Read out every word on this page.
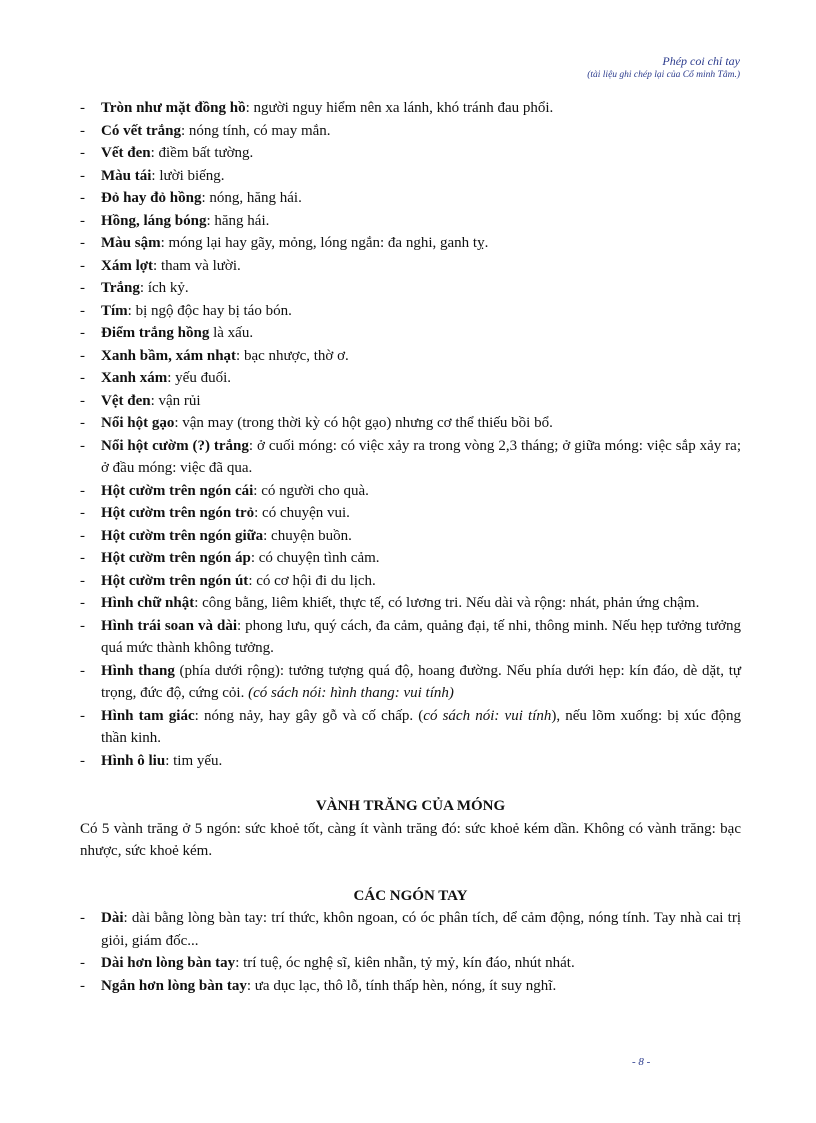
Phép coi chỉ tay
(tài liệu ghi chép lại của Cổ minh Tâm.)
- Tròn như mặt đồng hồ: người nguy hiểm nên xa lánh, khó tránh đau phổi.
- Có vết trắng: nóng tính, có may mắn.
- Vết đen: điềm bất tường.
- Màu tái: lười biếng.
- Đỏ hay đỏ hồng: nóng, hăng hái.
- Hồng, láng bóng: hăng hái.
- Màu sậm: móng lại hay gãy, mỏng, lóng ngắn: đa nghi, ganh tỵ.
- Xám lợt: tham và lười.
- Trắng: ích kỷ.
- Tím: bị ngộ độc hay bị táo bón.
- Điểm trắng hồng là xấu.
- Xanh bầm, xám nhạt: bạc nhược, thờ ơ.
- Xanh xám: yếu đuối.
- Vệt đen: vận rủi
- Nổi hột gạo: vận may (trong thời kỳ có hột gạo) nhưng cơ thể thiếu bồi bổ.
- Nổi hột cườm (?) trắng: ở cuối móng: có việc xảy ra trong vòng 2,3 tháng; ở giữa móng: việc sắp xảy ra; ở đầu móng: việc đã qua.
- Hột cườm trên ngón cái: có người cho quà.
- Hột cườm trên ngón trỏ: có chuyện vui.
- Hột cườm trên ngón giữa: chuyện buồn.
- Hột cườm trên ngón áp: có chuyện tình cảm.
- Hột cườm trên ngón út: có cơ hội đi du lịch.
- Hình chữ nhật: công bằng, liêm khiết, thực tế, có lương tri. Nếu dài và rộng: nhát, phản ứng chậm.
- Hình trái soan và dài: phong lưu, quý cách, đa cảm, quảng đại, tế nhi, thông minh. Nếu hẹp tưởng tưởng quá mức thành không tưởng.
- Hình thang (phía dưới rộng): tưởng tượng quá độ, hoang đường. Nếu phía dưới hẹp: kín đáo, dè dặt, tự trọng, đức độ, cứng cỏi. (có sách nói: hình thang: vui tính)
- Hình tam giác: nóng nảy, hay gây gỗ và cố chấp. (có sách nói: vui tính), nếu lõm xuống: bị xúc động thần kinh.
- Hình ô liu: tim yếu.
VÀNH TRĂNG CỦA MÓNG

Có 5 vành trăng ở 5 ngón: sức khoẻ tốt, càng ít vành trăng đó: sức khoẻ kém dần. Không có vành trăng: bạc nhược, sức khoẻ kém.

CÁC NGÓN TAY
- Dài: dài bằng lòng bàn tay: trí thức, khôn ngoan, có óc phân tích, dể cảm động, nóng tính. Tay nhà cai trị giỏi, giám đốc...
- Dài hơn lòng bàn tay: trí tuệ, óc nghệ sĩ, kiên nhẫn, tỷ mỷ, kín đáo, nhút nhát.
- Ngắn hơn lòng bàn tay: ưa dục lạc, thô lỗ, tính thấp hèn, nóng, ít suy nghĩ.
- 8 -
